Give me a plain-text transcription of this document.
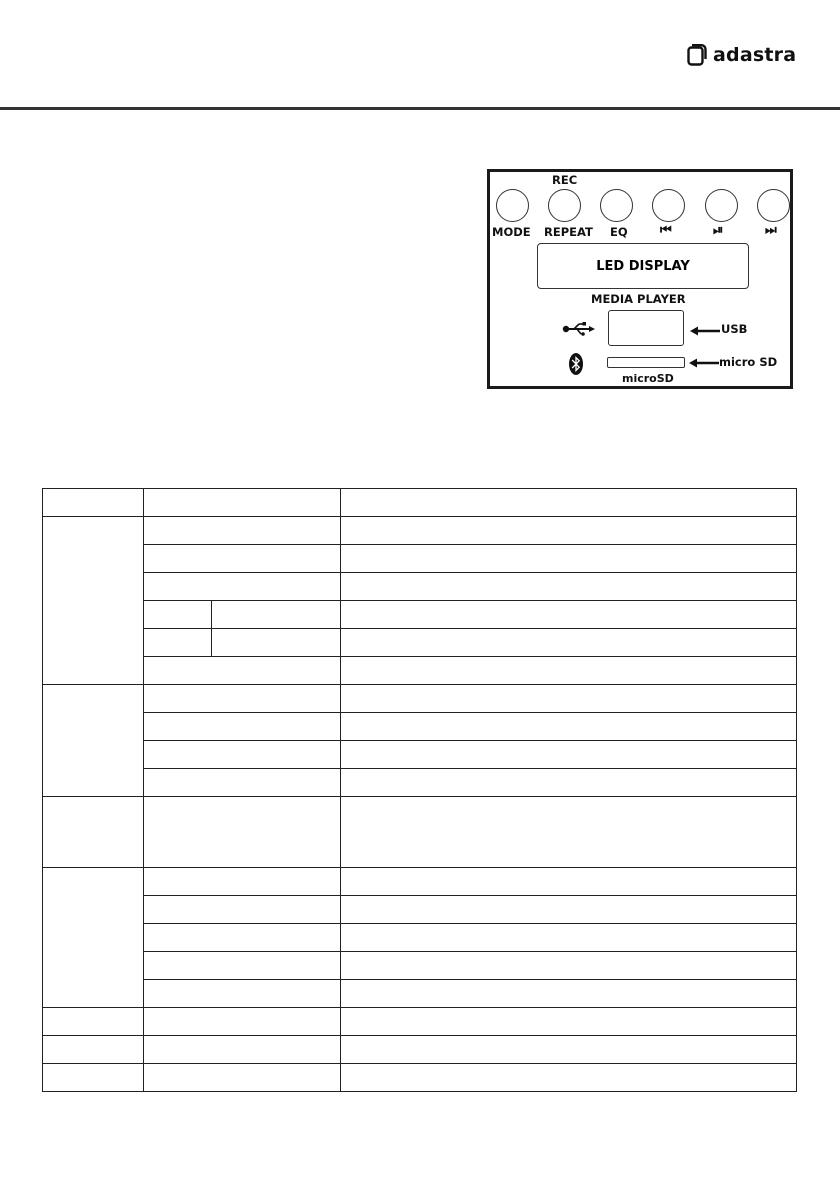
adastra
REC
MODE REPEAT EQ ⏮	⏯	⏭
LED DISPLAY
MEDIA PLAYER
USB
micro SD
microSD
